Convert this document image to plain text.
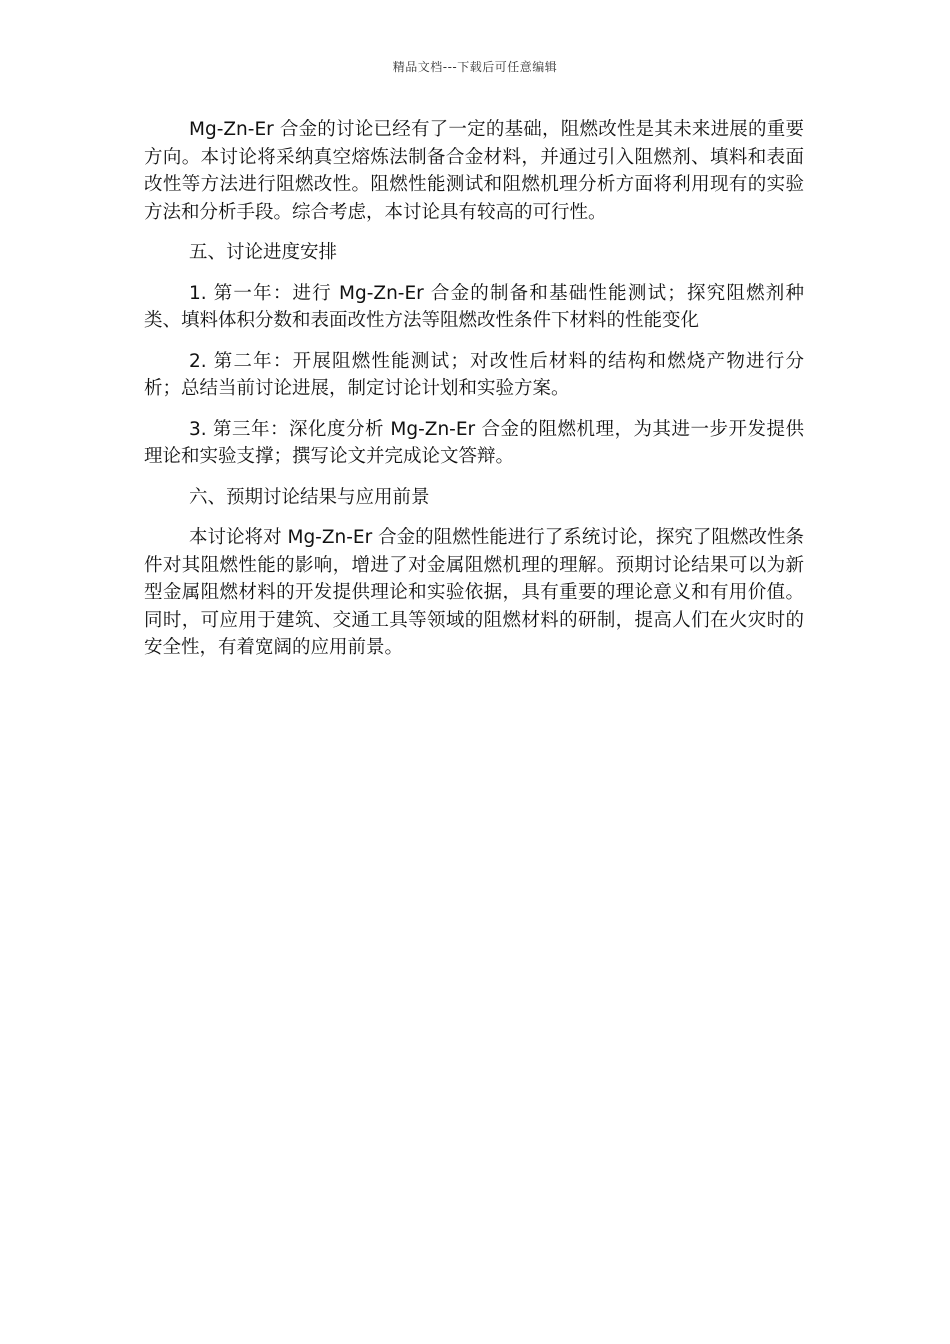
精品文档---下载后可任意编辑

Mg-Zn-Er 合金的讨论已经有了一定的基础，阻燃改性是其未来进展的重要方向。本讨论将采纳真空熔炼法制备合金材料，并通过引入阻燃剂、填料和表面改性等方法进行阻燃改性。阻燃性能测试和阻燃机理分析方面将利用现有的实验方法和分析手段。综合考虑，本讨论具有较高的可行性。

五、讨论进度安排

1. 第一年：进行 Mg-Zn-Er 合金的制备和基础性能测试；探究阻燃剂种类、填料体积分数和表面改性方法等阻燃改性条件下材料的性能变化

2. 第二年：开展阻燃性能测试；对改性后材料的结构和燃烧产物进行分析；总结当前讨论进展，制定讨论计划和实验方案。

3. 第三年：深化度分析 Mg-Zn-Er 合金的阻燃机理，为其进一步开发提供理论和实验支撑；撰写论文并完成论文答辩。

六、预期讨论结果与应用前景

本讨论将对 Mg-Zn-Er 合金的阻燃性能进行了系统讨论，探究了阻燃改性条件对其阻燃性能的影响，增进了对金属阻燃机理的理解。预期讨论结果可以为新型金属阻燃材料的开发提供理论和实验依据，具有重要的理论意义和有用价值。同时，可应用于建筑、交通工具等领域的阻燃材料的研制，提高人们在火灾时的安全性，有着宽阔的应用前景。
